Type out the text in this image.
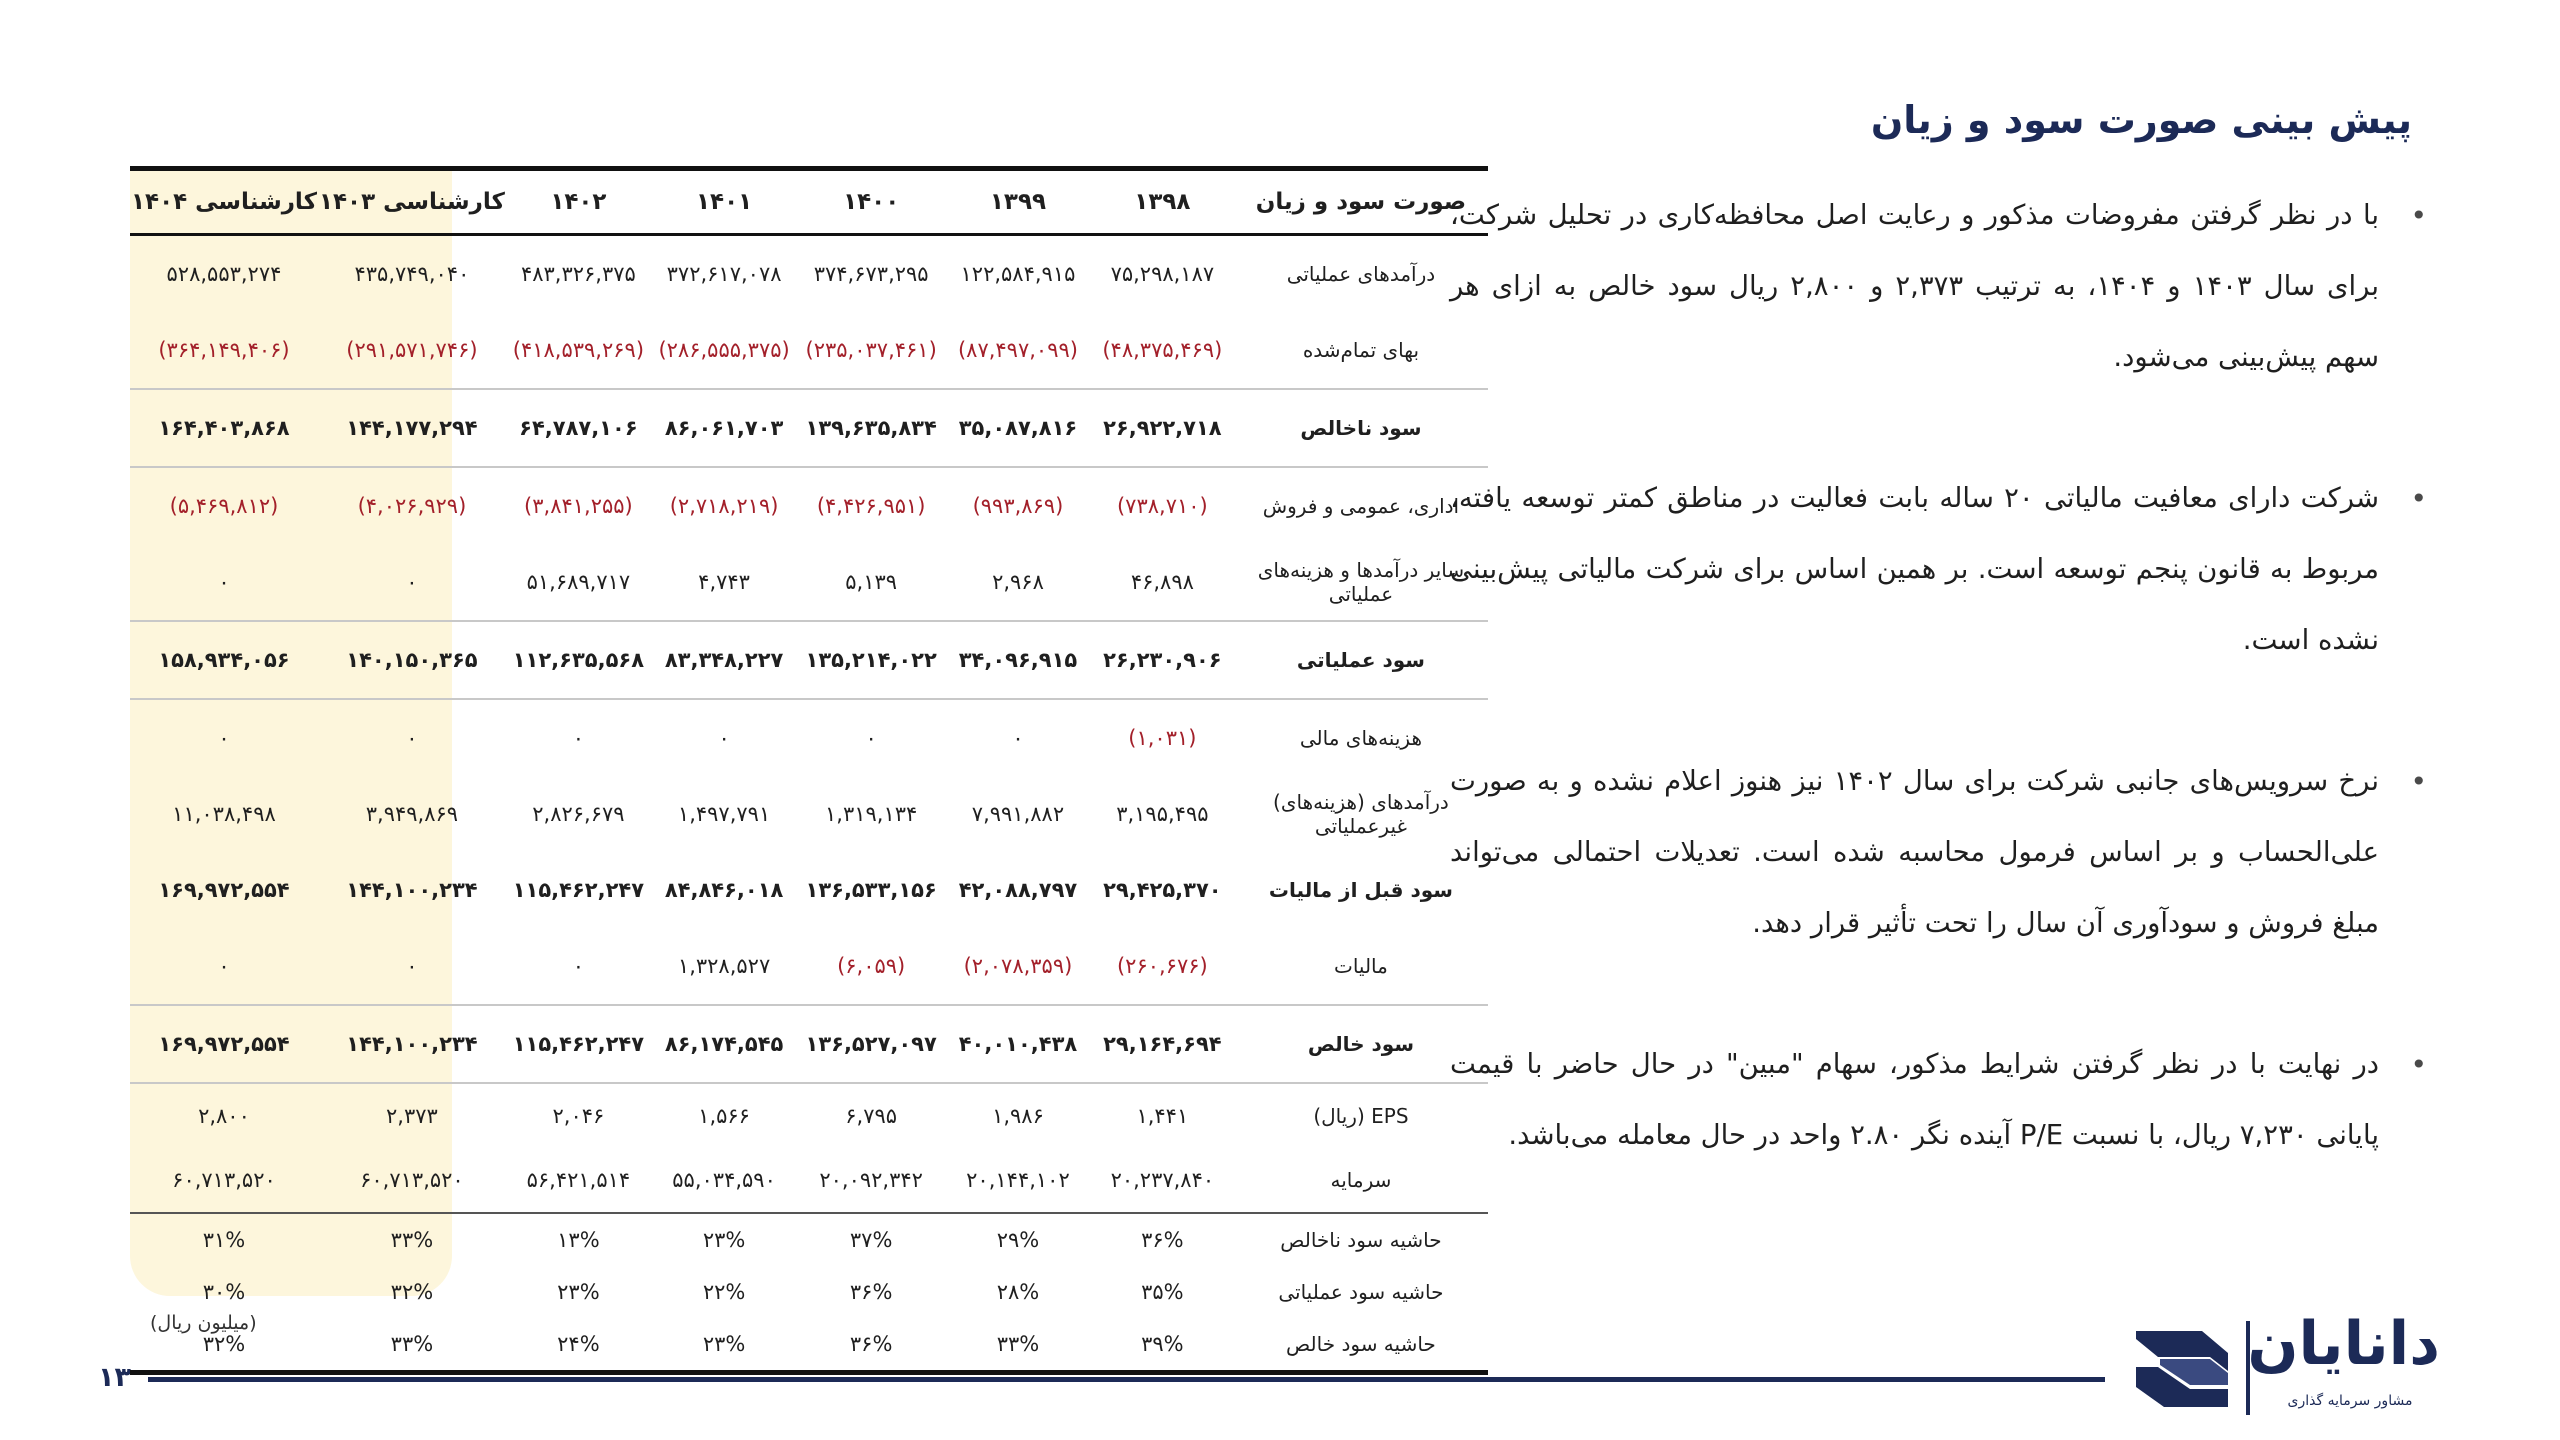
پیش بینی صورت سود و زیان
•
با در نظر گرفتن مفروضات مذکور و رعایت اصل محافظه‌کاری در تحلیل شرکت، برای سال ۱۴۰۳ و ۱۴۰۴، به ترتیب ۲,۳۷۳ و ۲,۸۰۰ ریال سود خالص به ازای هر سهم پیش‌بینی می‌شود.
•
شرکت دارای معافیت مالیاتی ۲۰ ساله بابت فعالیت در مناطق کمتر توسعه یافته، مربوط به قانون پنجم توسعه است. بر همین اساس برای شرکت مالیاتی پیش‌بینی نشده است.
•
نرخ سرویس‌های جانبی شرکت برای سال ۱۴۰۲ نیز هنوز اعلام نشده و به صورت علی‌الحساب و بر اساس فرمول محاسبه شده است. تعدیلات احتمالی می‌تواند مبلغ فروش و سودآوری آن سال را تحت تأثیر قرار دهد.
•
در نهایت با در نظر گرفتن شرایط مذکور، سهام "مبین" در حال حاضر با قیمت پایانی ۷,۲۳۰ ریال، با نسبت P/E آینده نگر ۲.۸۰ واحد در حال معامله می‌باشد.
کارشناسی ۱۴۰۴	کارشناسی ۱۴۰۳	۱۴۰۲	۱۴۰۱	۱۴۰۰	۱۳۹۹	۱۳۹۸	صورت سود و زیان
۵۲۸,۵۵۳,۲۷۴	۴۳۵,۷۴۹,۰۴۰	۴۸۳,۳۲۶,۳۷۵	۳۷۲,۶۱۷,۰۷۸	۳۷۴,۶۷۳,۲۹۵	۱۲۲,۵۸۴,۹۱۵	۷۵,۲۹۸,۱۸۷	درآمدهای عملیاتی
(۳۶۴,۱۴۹,۴۰۶)	(۲۹۱,۵۷۱,۷۴۶)	(۴۱۸,۵۳۹,۲۶۹)	(۲۸۶,۵۵۵,۳۷۵)	(۲۳۵,۰۳۷,۴۶۱)	(۸۷,۴۹۷,۰۹۹)	(۴۸,۳۷۵,۴۶۹)	بهای تمام‌شده
۱۶۴,۴۰۳,۸۶۸	۱۴۴,۱۷۷,۲۹۴	۶۴,۷۸۷,۱۰۶	۸۶,۰۶۱,۷۰۳	۱۳۹,۶۳۵,۸۳۴	۳۵,۰۸۷,۸۱۶	۲۶,۹۲۲,۷۱۸	سود ناخالص
(۵,۴۶۹,۸۱۲)	(۴,۰۲۶,۹۲۹)	(۳,۸۴۱,۲۵۵)	(۲,۷۱۸,۲۱۹)	(۴,۴۲۶,۹۵۱)	(۹۹۳,۸۶۹)	(۷۳۸,۷۱۰)	اداری، عمومی و فروش
۰	۰	۵۱,۶۸۹,۷۱۷	۴,۷۴۳	۵,۱۳۹	۲,۹۶۸	۴۶,۸۹۸	سایر درآمدها و هزینه‌های عملیاتی
۱۵۸,۹۳۴,۰۵۶	۱۴۰,۱۵۰,۳۶۵	۱۱۲,۶۳۵,۵۶۸	۸۳,۳۴۸,۲۲۷	۱۳۵,۲۱۴,۰۲۲	۳۴,۰۹۶,۹۱۵	۲۶,۲۳۰,۹۰۶	سود عملیاتی
۰	۰	۰	۰	۰	۰	(۱,۰۳۱)	هزینه‌های مالی
۱۱,۰۳۸,۴۹۸	۳,۹۴۹,۸۶۹	۲,۸۲۶,۶۷۹	۱,۴۹۷,۷۹۱	۱,۳۱۹,۱۳۴	۷,۹۹۱,۸۸۲	۳,۱۹۵,۴۹۵	درآمدهای (هزینه‌های) غیرعملیاتی
۱۶۹,۹۷۲,۵۵۴	۱۴۴,۱۰۰,۲۳۴	۱۱۵,۴۶۲,۲۴۷	۸۴,۸۴۶,۰۱۸	۱۳۶,۵۳۳,۱۵۶	۴۲,۰۸۸,۷۹۷	۲۹,۴۲۵,۳۷۰	سود قبل از مالیات
۰	۰	۰	۱,۳۲۸,۵۲۷	(۶,۰۵۹)	(۲,۰۷۸,۳۵۹)	(۲۶۰,۶۷۶)	مالیات
۱۶۹,۹۷۲,۵۵۴	۱۴۴,۱۰۰,۲۳۴	۱۱۵,۴۶۲,۲۴۷	۸۶,۱۷۴,۵۴۵	۱۳۶,۵۲۷,۰۹۷	۴۰,۰۱۰,۴۳۸	۲۹,۱۶۴,۶۹۴	سود خالص
۲,۸۰۰	۲,۳۷۳	۲,۰۴۶	۱,۵۶۶	۶,۷۹۵	۱,۹۸۶	۱,۴۴۱	EPS (ریال)
۶۰,۷۱۳,۵۲۰	۶۰,۷۱۳,۵۲۰	۵۶,۴۲۱,۵۱۴	۵۵,۰۳۴,۵۹۰	۲۰,۰۹۲,۳۴۲	۲۰,۱۴۴,۱۰۲	۲۰,۲۳۷,۸۴۰	سرمایه
۳۱%	۳۳%	۱۳%	۲۳%	۳۷%	۲۹%	۳۶%	حاشیه سود ناخالص
۳۰%	۳۲%	۲۳%	۲۲%	۳۶%	۲۸%	۳۵%	حاشیه سود عملیاتی
۳۲%	۳۳%	۲۴%	۲۳%	۳۶%	۳۳%	۳۹%	حاشیه سود خالص
(میلیون ریال)
۱۳	دانایان
مشاور سرمایه گذاری
